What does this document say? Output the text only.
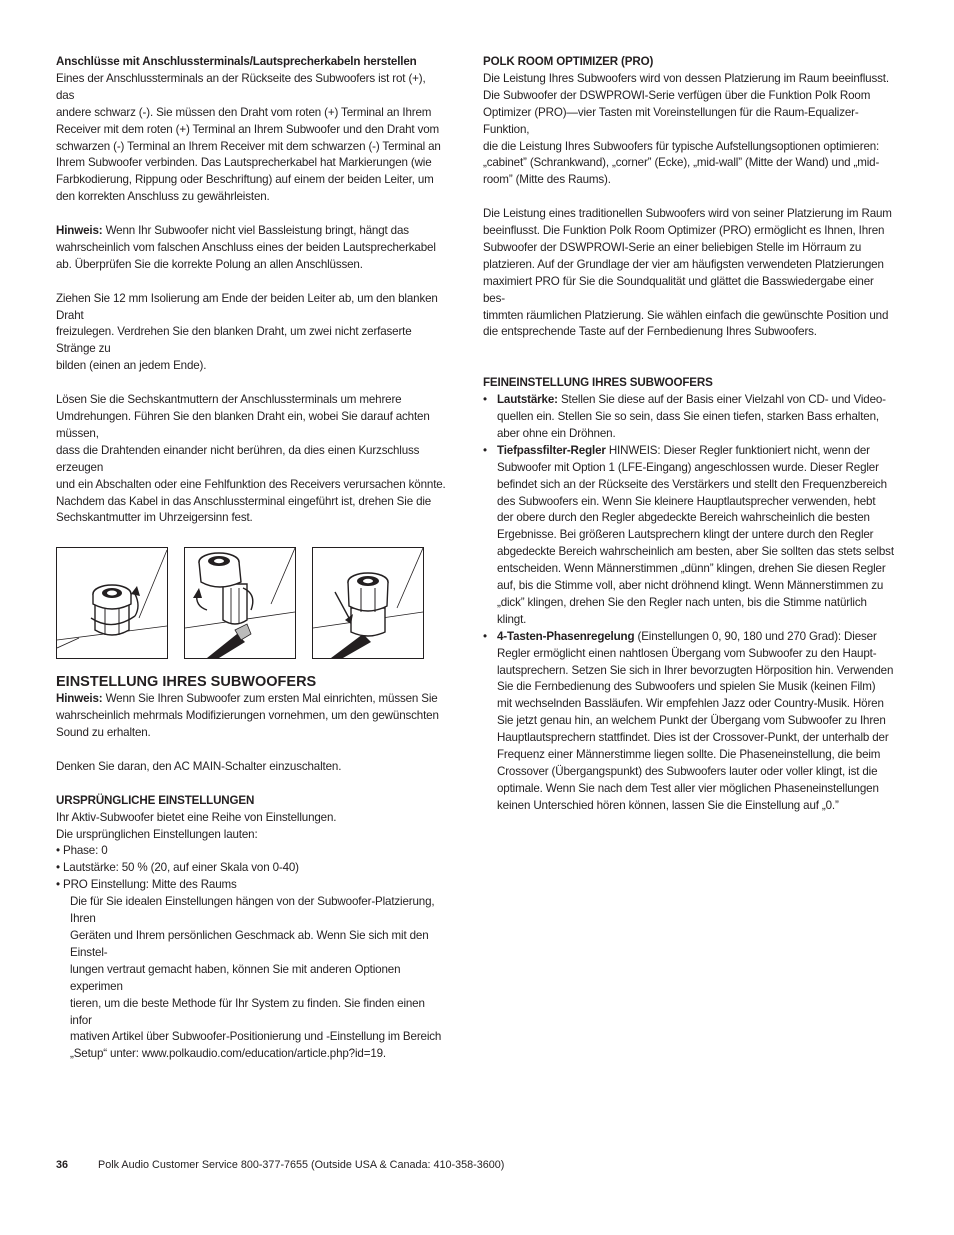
Anschlüsse mit Anschlussterminals/Lautsprecherkabeln herstellen

Eines der Anschlussterminals an der Rückseite des Subwoofers ist rot (+), das
andere schwarz (-). Sie müssen den Draht vom roten (+) Terminal an Ihrem
Receiver mit dem roten (+) Terminal an Ihrem Subwoofer und den Draht vom
schwarzen (-) Terminal an Ihrem Receiver mit dem schwarzen (-) Terminal an
Ihrem Subwoofer verbinden. Das Lautsprecherkabel hat Markierungen (wie
Farbkodierung, Rippung oder Beschriftung) auf einem der beiden Leiter, um
den korrekten Anschluss zu gewährleisten.
Hinweis: Wenn Ihr Subwoofer nicht viel Bassleistung bringt, hängt das
wahrscheinlich vom falschen Anschluss eines der beiden Lautsprecherkabel
ab. Überprüfen Sie die korrekte Polung an allen Anschlüssen.
Ziehen Sie 12 mm Isolierung am Ende der beiden Leiter ab, um den blanken Draht
freizulegen. Verdrehen Sie den blanken Draht, um zwei nicht zerfaserte Stränge zu
bilden (einen an jedem Ende).
Lösen Sie die Sechskantmuttern der Anschlussterminals um mehrere
Umdrehungen. Führen Sie den blanken Draht ein, wobei Sie darauf achten müssen,
dass die Drahtenden einander nicht berühren, da dies einen Kurzschluss erzeugen
und ein Abschalten oder eine Fehlfunktion des Receivers verursachen könnte.
Nachdem das Kabel in das Anschlussterminal eingeführt ist, drehen Sie die
Sechskantmutter im Uhrzeigersinn fest.

EINSTELLUNG IHRES SUBWOOFERS

Hinweis: Wenn Sie Ihren Subwoofer zum ersten Mal einrichten, müssen Sie
wahrscheinlich mehrmals Modifizierungen vornehmen, um den gewünschten
Sound zu erhalten.

Denken Sie daran, den AC MAIN-Schalter einzuschalten.

URSPRÜNGLICHE EINSTELLUNGEN

Ihr Aktiv-Subwoofer bietet eine Reihe von Einstellungen.
Die ursprünglichen Einstellungen lauten:
• Phase: 0
• Lautstärke: 50 % (20, auf einer Skala von 0-40)
• PRO Einstellung: Mitte des Raums
Die für Sie idealen Einstellungen hängen von der Subwoofer-Platzierung, Ihren
Geräten und Ihrem persönlichen Geschmack ab. Wenn Sie sich mit den Einstel-
lungen vertraut gemacht haben, können Sie mit anderen Optionen experimen
tieren, um die beste Methode für Ihr System zu finden. Sie finden einen infor
mativen Artikel über Subwoofer-Positionierung und -Einstellung im Bereich
„Setup“ unter: www.polkaudio.com/education/article.php?id=19.

POLK ROOM OPTIMIZER (PRO)

Die Leistung Ihres Subwoofers wird von dessen Platzierung im Raum beeinflusst.
Die Subwoofer der DSWPROWI-Serie verfügen über die Funktion Polk Room
Optimizer (PRO)—vier Tasten mit Voreinstellungen für die Raum-Equalizer-Funktion,
die die Leistung Ihres Subwoofers für typische Aufstellungsoptionen optimieren:
„cabinet” (Schrankwand), „corner” (Ecke), „mid-wall” (Mitte der Wand) und „mid-
room” (Mitte des Raums).
Die Leistung eines traditionellen Subwoofers wird von seiner Platzierung im Raum
beeinflusst. Die Funktion Polk Room Optimizer (PRO) ermöglicht es Ihnen, Ihren
Subwoofer der DSWPROWI-Serie an einer beliebigen Stelle im Hörraum zu
platzieren. Auf der Grundlage der vier am häufigsten verwendeten Platzierungen
maximiert PRO für Sie die Soundqualität und glättet die Basswiedergabe einer bes-
timmten räumlichen Platzierung. Sie wählen einfach die gewünschte Position und
die entsprechende Taste auf der Fernbedienung Ihres Subwoofers.

FEINEINSTELLUNG IHRES SUBWOOFERS

• Lautstärke: Stellen Sie diese auf der Basis einer Vielzahl von CD- und Video-
quellen ein. Stellen Sie so sein, dass Sie einen tiefen, starken Bass erhalten,
aber ohne ein Dröhnen.
• Tiefpassfilter-Regler HINWEIS: Dieser Regler funktioniert nicht, wenn der
Subwoofer mit Option 1 (LFE-Eingang) angeschlossen wurde. Dieser Regler
befindet sich an der Rückseite des Verstärkers und stellt den Frequenzbereich
des Subwoofers ein. Wenn Sie kleinere Hauptlautsprecher verwenden, hebt
der obere durch den Regler abgedeckte Bereich wahrscheinlich die besten
Ergebnisse. Bei größeren Lautsprechern klingt der untere durch den Regler
abgedeckte Bereich wahrscheinlich am besten, aber Sie sollten das stets selbst
entscheiden. Wenn Männerstimmen „dünn” klingen, drehen Sie diesen Regler
auf, bis die Stimme voll, aber nicht dröhnend klingt. Wenn Männerstimmen zu
„dick” klingen, drehen Sie den Regler nach unten, bis die Stimme natürlich klingt.
• 4-Tasten-Phasenregelung (Einstellungen 0, 90, 180 und 270 Grad): Dieser
Regler ermöglicht einen nahtlosen Übergang vom Subwoofer zu den Haupt-
lautsprechern. Setzen Sie sich in Ihrer bevorzugten Hörposition hin. Verwenden
Sie die Fernbedienung des Subwoofers und spielen Sie Musik (keinen Film)
mit wechselnden Bassläufen. Wir empfehlen Jazz oder Country-Musik. Hören
Sie jetzt genau hin, an welchem Punkt der Übergang vom Subwoofer zu Ihren
Hauptlautsprechern stattfindet. Dies ist der Crossover-Punkt, der unterhalb der
Frequenz einer Männerstimme liegen sollte. Die Phaseneinstellung, die beim
Crossover (Übergangspunkt) des Subwoofers lauter oder voller klingt, ist die
optimale. Wenn Sie nach dem Test aller vier möglichen Phaseneinstellungen
keinen Unterschied hören können, lassen Sie die Einstellung auf „0.”
36	Polk Audio Customer Service 800-377-7655 (Outside USA & Canada: 410-358-3600)
